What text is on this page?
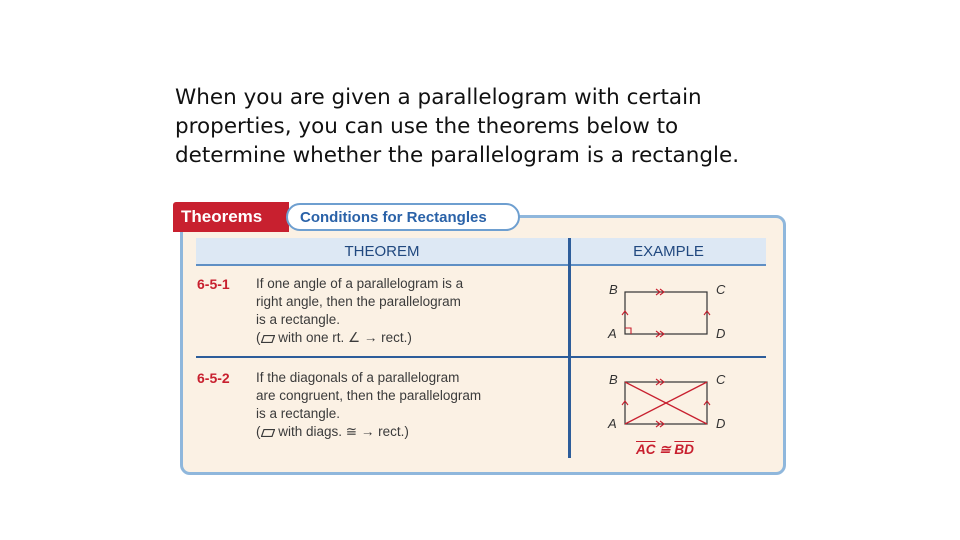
When you are given a parallelogram with certain
properties, you can use the theorems below to
determine whether the parallelogram is a rectangle.
Theorems	Conditions for Rectangles
THEOREM	EXAMPLE
6-5-1 If one angle of a parallelogram is a
right angle, then the parallelogram
is a rectangle.
( with one rt. ∠ → rect.)
B	C
A	D
6-5-2 If the diagonals of a parallelogram
are congruent, then the parallelogram
is a rectangle.
( with diags. ≅ → rect.)
B	C
A	D
$\overline{AC}$ ≅ $\overline{BD}$
